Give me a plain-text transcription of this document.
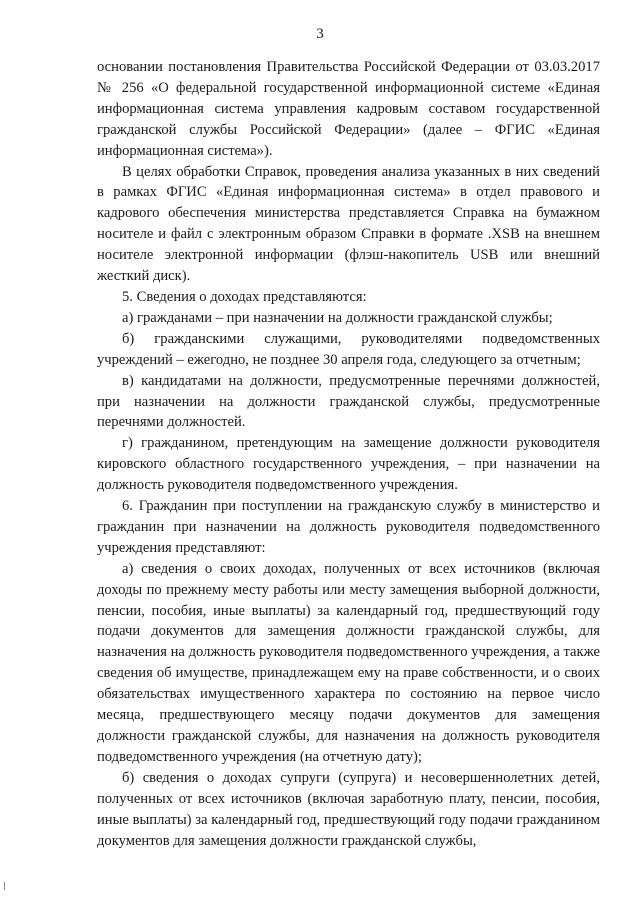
3

основании постановления Правительства Российской Федерации от 03.03.2017 № 256 «О федеральной государственной информационной системе «Единая информационная система управления кадровым составом государственной гражданской службы Российской Федерации» (далее – ФГИС «Единая информационная система»).

В целях обработки Справок, проведения анализа указанных в них сведений в рамках ФГИС «Единая информационная система» в отдел правового и кадрового обеспечения министерства представляется Справка на бумажном носителе и файл с электронным образом Справки в формате .XSB на внешнем носителе электронной информации (флэш-накопитель USB или внешний жесткий диск).

5. Сведения о доходах представляются:

а) гражданами – при назначении на должности гражданской службы;

б) гражданскими служащими, руководителями подведомственных учреждений – ежегодно, не позднее 30 апреля года, следующего за отчетным;

в) кандидатами на должности, предусмотренные перечнями должностей, при назначении на должности гражданской службы, предусмотренные перечнями должностей.

г) гражданином, претендующим на замещение должности руководителя кировского областного государственного учреждения, – при назначении на должность руководителя подведомственного учреждения.

6. Гражданин при поступлении на гражданскую службу в министерство и гражданин при назначении на должность руководителя подведомственного учреждения представляют:

а) сведения о своих доходах, полученных от всех источников (включая доходы по прежнему месту работы или месту замещения выборной должности, пенсии, пособия, иные выплаты) за календарный год, предшествующий году подачи документов для замещения должности гражданской службы, для назначения на должность руководителя подведомственного учреждения, а также сведения об имуществе, принадлежащем ему на праве собственности, и о своих обязательствах имущественного характера по состоянию на первое число месяца, предшествующего месяцу подачи документов для замещения должности гражданской службы, для назначения на должность руководителя подведомственного учреждения (на отчетную дату);

б) сведения о доходах супруги (супруга) и несовершеннолетних детей, полученных от всех источников (включая заработную плату, пенсии, пособия, иные выплаты) за календарный год, предшествующий году подачи гражданином документов для замещения должности гражданской службы,
